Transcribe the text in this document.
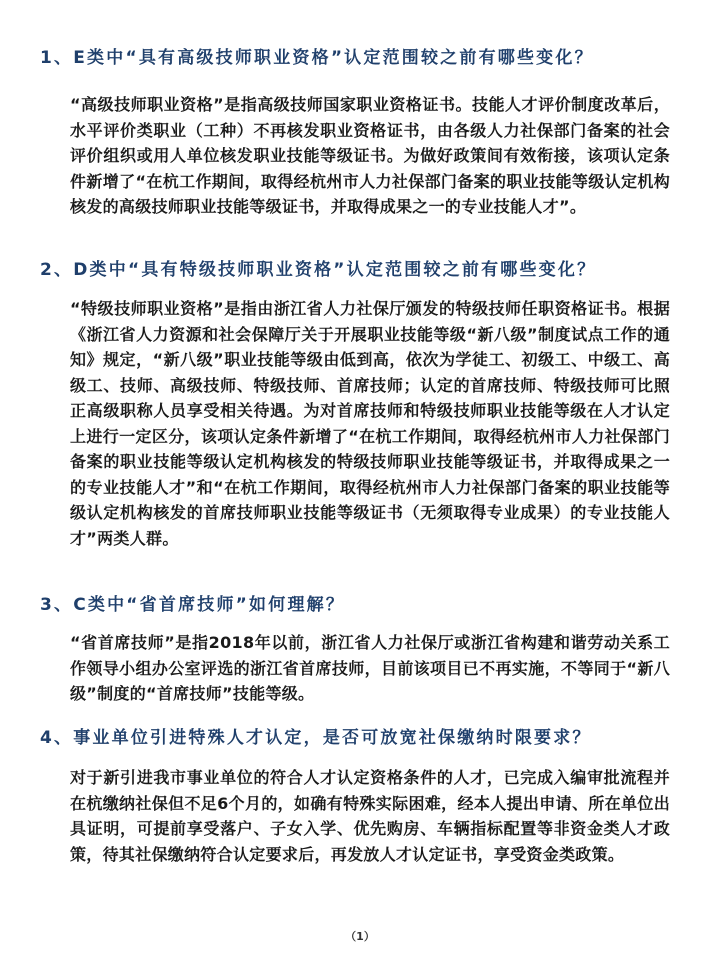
1、E类中“具有高级技师职业资格”认定范围较之前有哪些变化？

“高级技师职业资格”是指高级技师国家职业资格证书。技能人才评价制度改革后，水平评价类职业（工种）不再核发职业资格证书，由各级人力社保部门备案的社会评价组织或用人单位核发职业技能等级证书。为做好政策间有效衔接，该项认定条件新增了“在杭工作期间，取得经杭州市人力社保部门备案的职业技能等级认定机构核发的高级技师职业技能等级证书，并取得成果之一的专业技能人才”。

2、D类中“具有特级技师职业资格”认定范围较之前有哪些变化？

“特级技师职业资格”是指由浙江省人力社保厅颁发的特级技师任职资格证书。根据《浙江省人力资源和社会保障厅关于开展职业技能等级“新八级”制度试点工作的通知》规定，“新八级”职业技能等级由低到高，依次为学徒工、初级工、中级工、高级工、技师、高级技师、特级技师、首席技师；认定的首席技师、特级技师可比照正高级职称人员享受相关待遇。为对首席技师和特级技师职业技能等级在人才认定上进行一定区分，该项认定条件新增了“在杭工作期间，取得经杭州市人力社保部门备案的职业技能等级认定机构核发的特级技师职业技能等级证书，并取得成果之一的专业技能人才”和“在杭工作期间，取得经杭州市人力社保部门备案的职业技能等级认定机构核发的首席技师职业技能等级证书（无须取得专业成果）的专业技能人才”两类人群。

3、C类中“省首席技师”如何理解？

“省首席技师”是指2018年以前，浙江省人力社保厅或浙江省构建和谐劳动关系工作领导小组办公室评选的浙江省首席技师，目前该项目已不再实施，不等同于“新八级”制度的“首席技师”技能等级。

4、事业单位引进特殊人才认定，是否可放宽社保缴纳时限要求？

对于新引进我市事业单位的符合人才认定资格条件的人才，已完成入编审批流程并在杭缴纳社保但不足6个月的，如确有特殊实际困难，经本人提出申请、所在单位出具证明，可提前享受落户、子女入学、优先购房、车辆指标配置等非资金类人才政策，待其社保缴纳符合认定要求后，再发放人才认定证书，享受资金类政策。

（1）
